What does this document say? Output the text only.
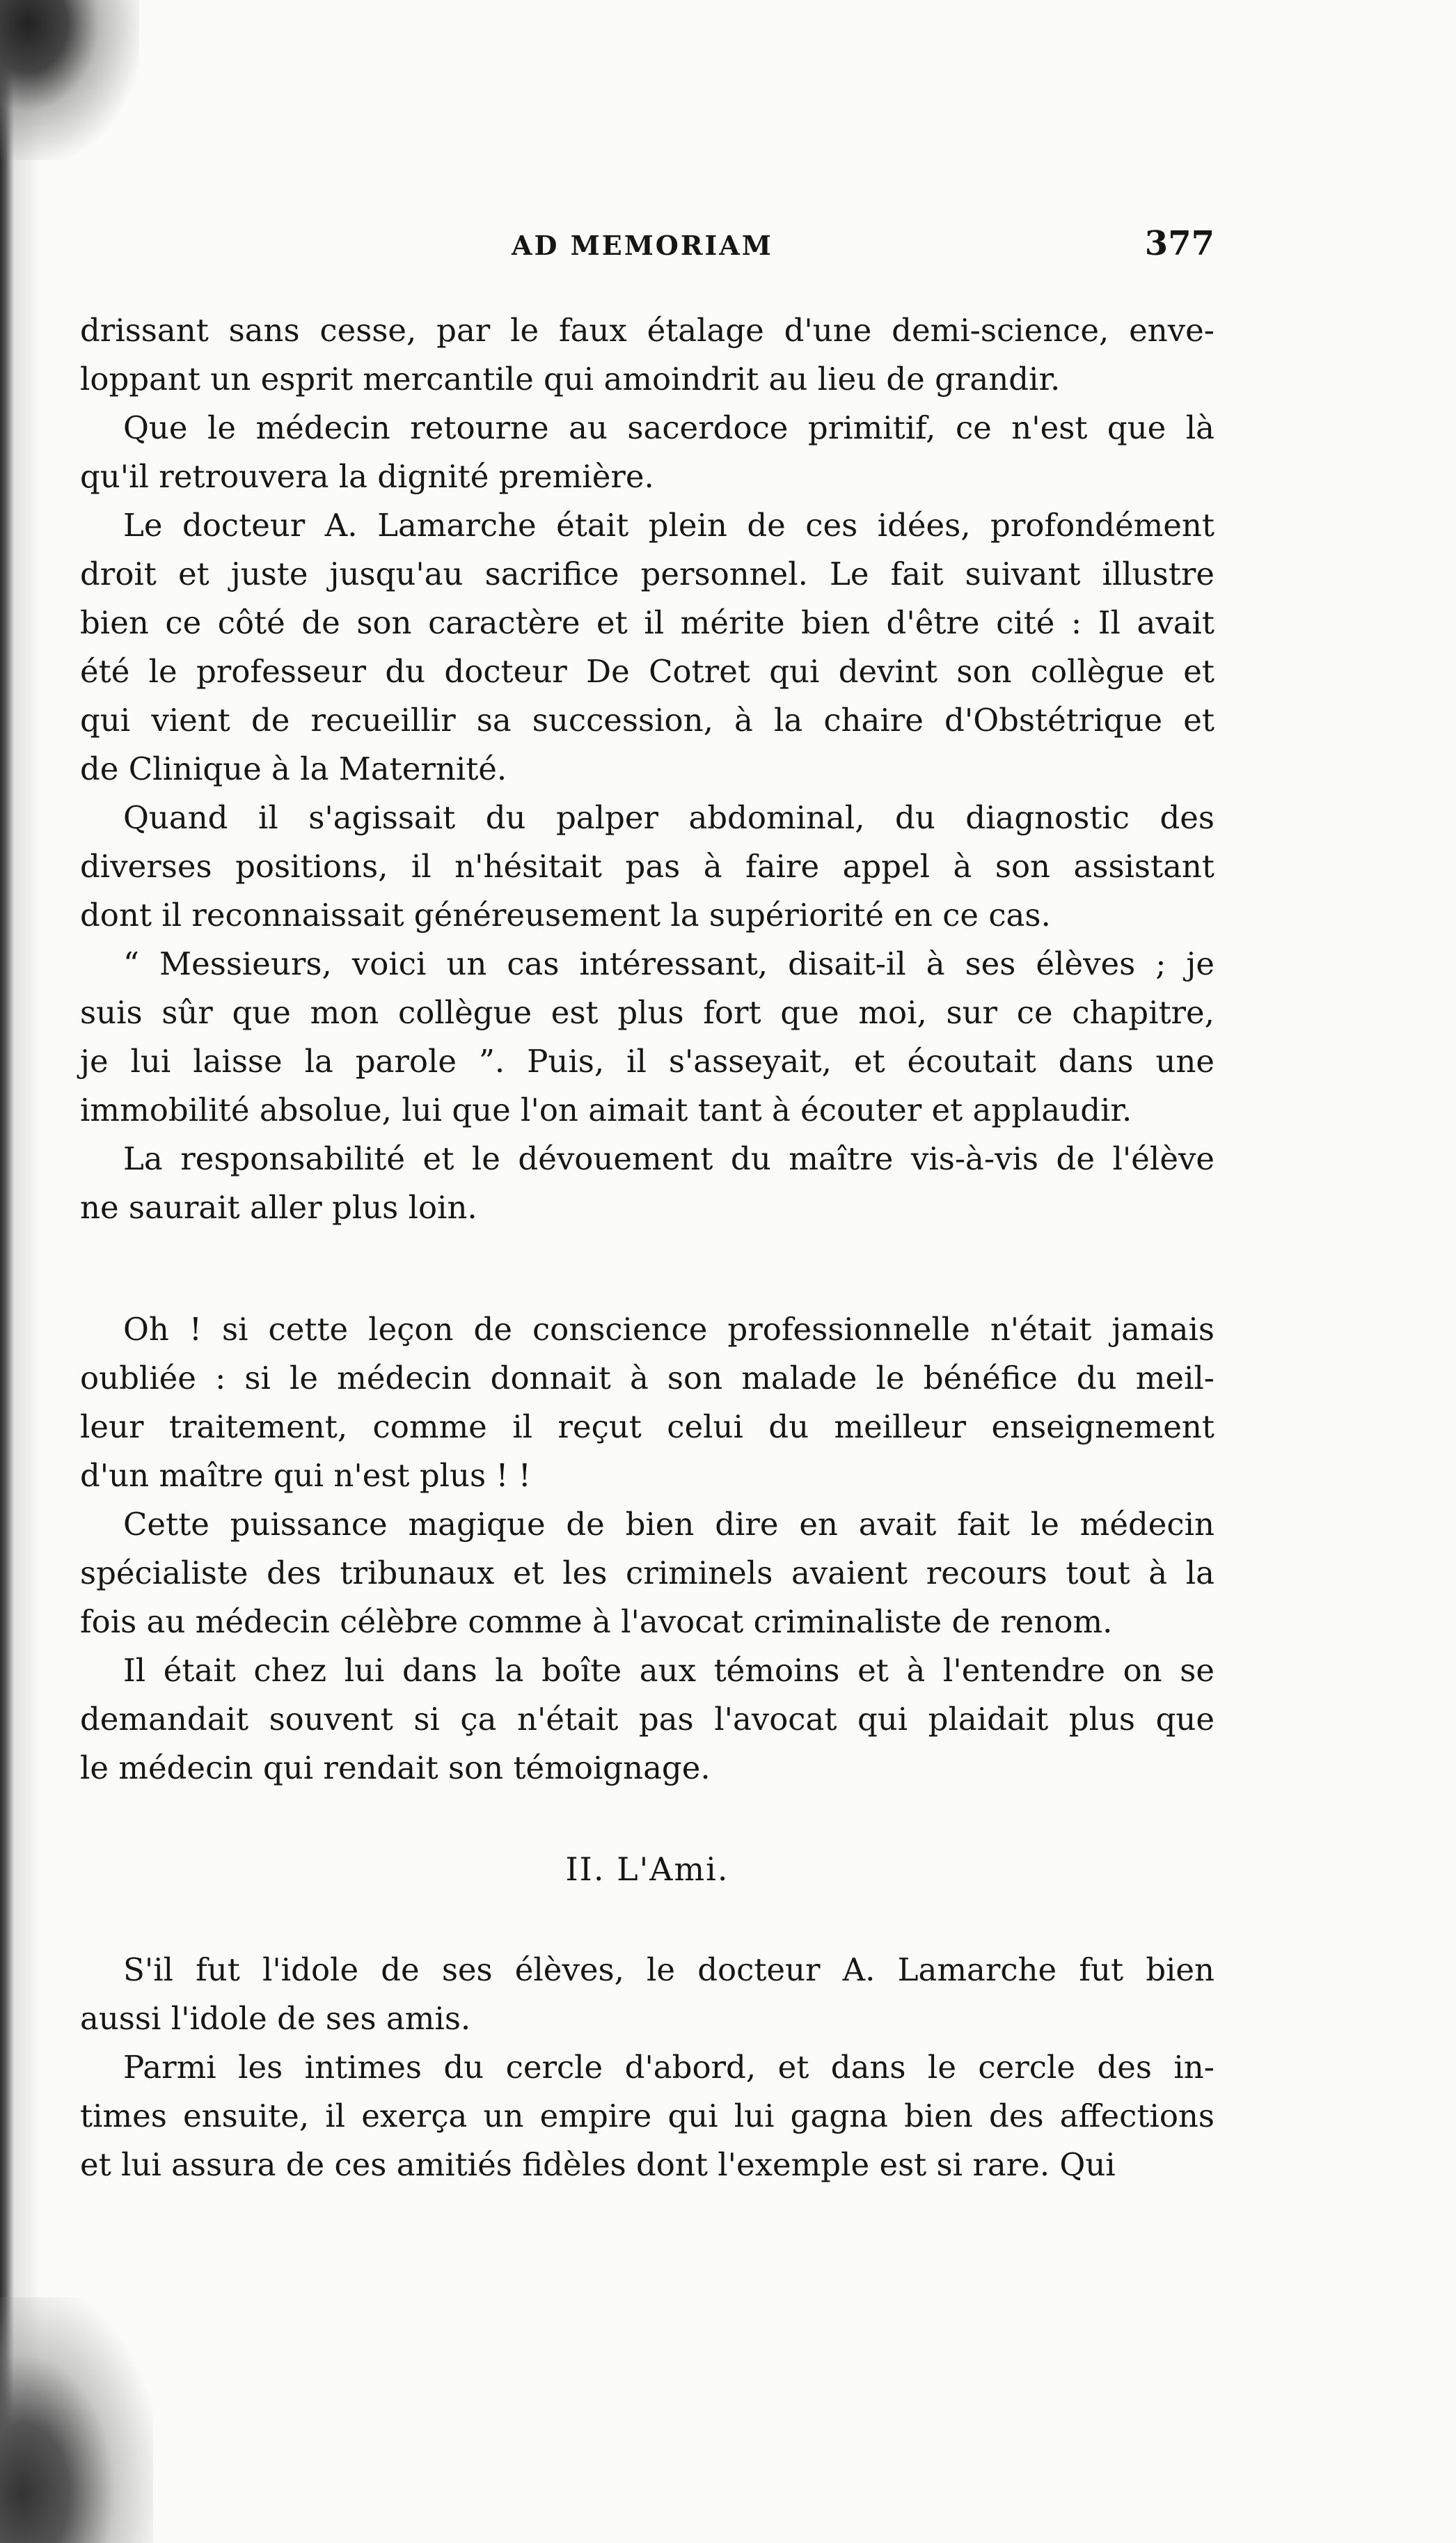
AD MEMORIAM	377
drissant sans cesse, par le faux étalage d'une demi-science, enve-
loppant un esprit mercantile qui amoindrit au lieu de grandir.
Que le médecin retourne au sacerdoce primitif, ce n'est que là
qu'il retrouvera la dignité première.
Le docteur A. Lamarche était plein de ces idées, profondément
droit et juste jusqu'au sacrifice personnel. Le fait suivant illustre
bien ce côté de son caractère et il mérite bien d'être cité : Il avait
été le professeur du docteur De Cotret qui devint son collègue et
qui vient de recueillir sa succession, à la chaire d'Obstétrique et
de Clinique à la Maternité.
Quand il s'agissait du palper abdominal, du diagnostic des
diverses positions, il n'hésitait pas à faire appel à son assistant
dont il reconnaissait généreusement la supériorité en ce cas.
“ Messieurs, voici un cas intéressant, disait-il à ses élèves ; je
suis sûr que mon collègue est plus fort que moi, sur ce chapitre,
je lui laisse la parole ”. Puis, il s'asseyait, et écoutait dans une
immobilité absolue, lui que l'on aimait tant à écouter et applaudir.
La responsabilité et le dévouement du maître vis-à-vis de l'élève
ne saurait aller plus loin.
Oh ! si cette leçon de conscience professionnelle n'était jamais
oubliée : si le médecin donnait à son malade le bénéfice du meil-
leur traitement, comme il reçut celui du meilleur enseignement
d'un maître qui n'est plus ! !
Cette puissance magique de bien dire en avait fait le médecin
spécialiste des tribunaux et les criminels avaient recours tout à la
fois au médecin célèbre comme à l'avocat criminaliste de renom.
Il était chez lui dans la boîte aux témoins et à l'entendre on se
demandait souvent si ça n'était pas l'avocat qui plaidait plus que
le médecin qui rendait son témoignage.
II. L'Ami.
S'il fut l'idole de ses élèves, le docteur A. Lamarche fut bien
aussi l'idole de ses amis.
Parmi les intimes du cercle d'abord, et dans le cercle des in-
times ensuite, il exerça un empire qui lui gagna bien des affections
et lui assura de ces amitiés fidèles dont l'exemple est si rare. Qui
